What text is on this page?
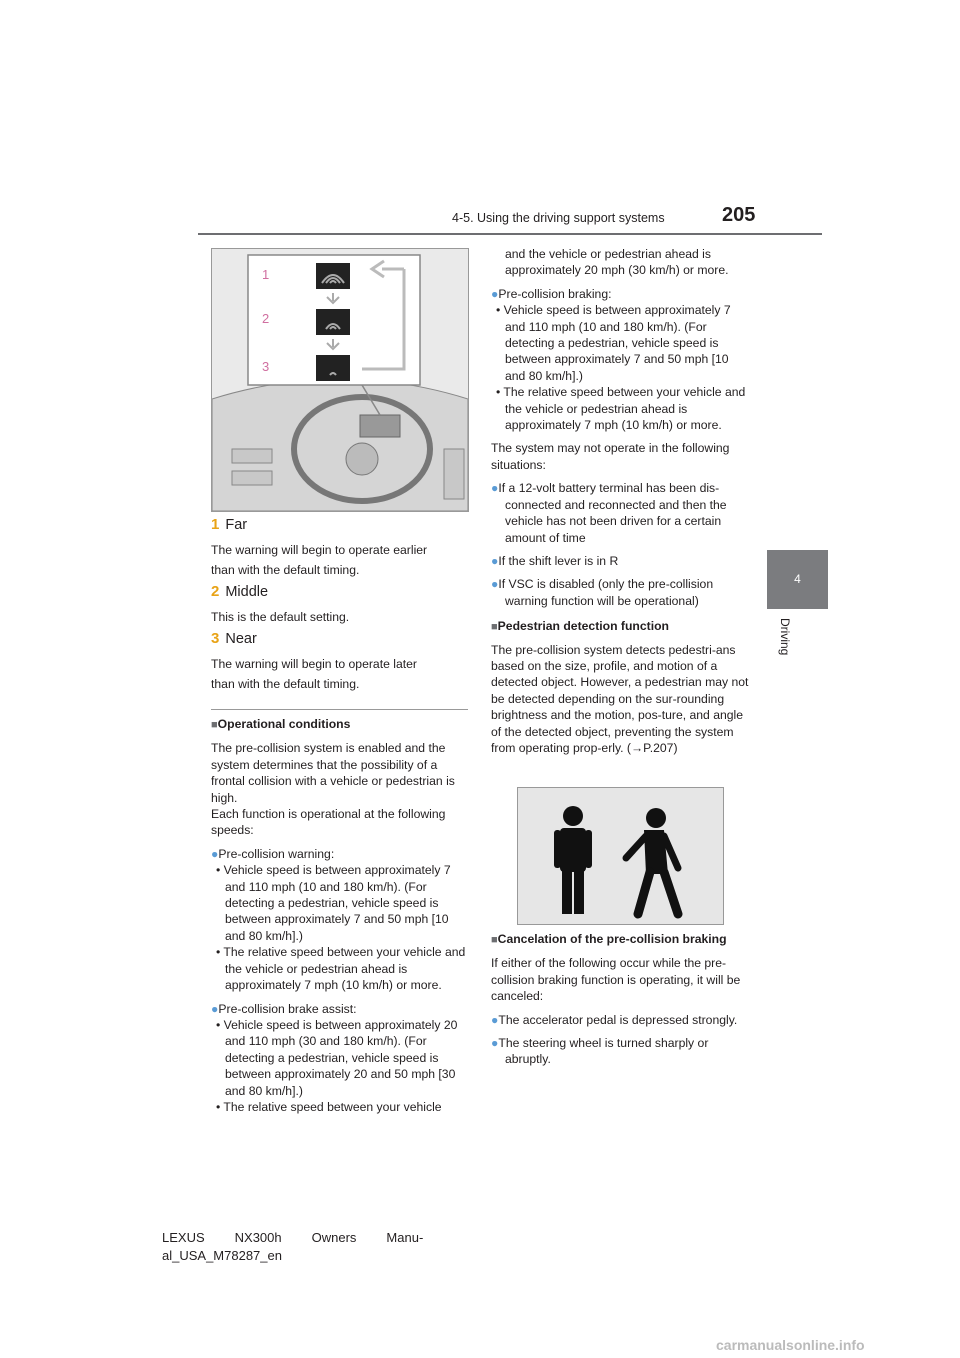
4-5. Using the driving support systems	205
4
Driving
1
2
3
1 Far
The warning will begin to operate earlier
than with the default timing.
2 Middle
This is the default setting.
3 Near
The warning will begin to operate later
than with the default timing.

■Operational conditions

The pre-collision system is enabled and the system determines that the possibility of a frontal collision with a vehicle or pedestrian is high.

Each function is operational at the following speeds:

●Pre-collision warning:

• Vehicle speed is between approximately 7 and 110 mph (10 and 180 km/h). (For detecting a pedestrian, vehicle speed is between approximately 7 and 50 mph [10 and 80 km/h].)

• The relative speed between your vehicle and the vehicle or pedestrian ahead is approximately 7 mph (10 km/h) or more.

●Pre-collision brake assist:

• Vehicle speed is between approximately 20 and 110 mph (30 and 180 km/h). (For detecting a pedestrian, vehicle speed is between approximately 20 and 50 mph [30 and 80 km/h].)

• The relative speed between your vehicle

and the vehicle or pedestrian ahead is approximately 20 mph (30 km/h) or more.

●Pre-collision braking:

• Vehicle speed is between approximately 7 and 110 mph (10 and 180 km/h). (For detecting a pedestrian, vehicle speed is between approximately 7 and 50 mph [10 and 80 km/h].)

• The relative speed between your vehicle and the vehicle or pedestrian ahead is approximately 7 mph (10 km/h) or more.

The system may not operate in the following situations:

●If a 12-volt battery terminal has been dis-connected and reconnected and then the vehicle has not been driven for a certain amount of time

●If the shift lever is in R

●If VSC is disabled (only the pre-collision warning function will be operational)

■Pedestrian detection function

The pre-collision system detects pedestri-ans based on the size, profile, and motion of a detected object. However, a pedestrian may not be detected depending on the sur-rounding brightness and the motion, pos-ture, and angle of the detected object, preventing the system from operating prop-erly. (→P.207)

■Cancelation of the pre-collision braking

If either of the following occur while the pre-collision braking function is operating, it will be canceled:

●The accelerator pedal is depressed strongly.

●The steering wheel is turned sharply or abruptly.

LEXUS NX300h Owners Manu-
al_USA_M78287_en
carmanualsonline.info
